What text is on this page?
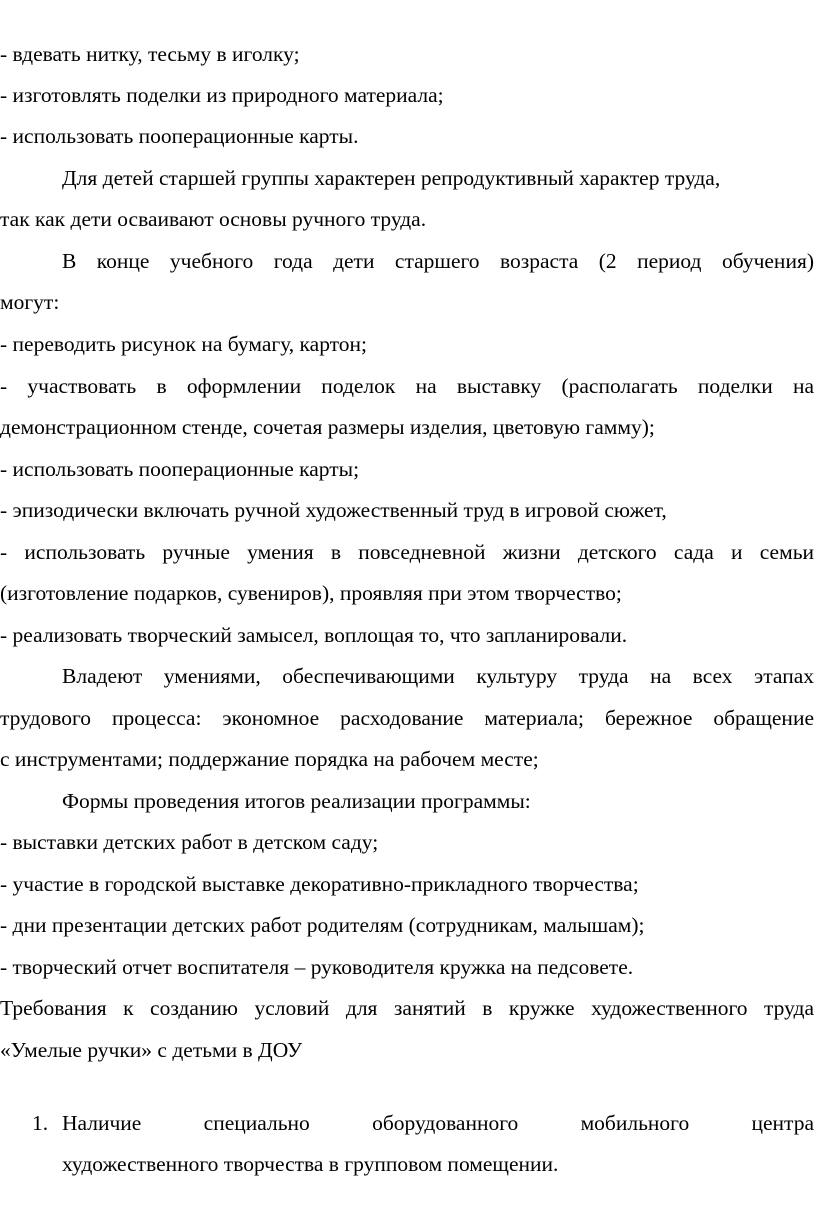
- вдевать нитку, тесьму в иголку;
- изготовлять поделки из природного материала;
- использовать пооперационные карты.
Для детей старшей группы характерен репродуктивный характер труда,
так как дети осваивают основы ручного труда.
В конце учебного года дети старшего возраста (2 период обучения)
могут:
- переводить рисунок на бумагу, картон;
- участвовать в оформлении поделок на выставку (располагать поделки на
демонстрационном стенде, сочетая размеры изделия, цветовую гамму);
- использовать пооперационные карты;
- эпизодически включать ручной художественный труд в игровой сюжет,
- использовать ручные умения в повседневной жизни детского сада и семьи
(изготовление подарков, сувениров), проявляя при этом творчество;
- реализовать творческий замысел, воплощая то, что запланировали.
Владеют умениями, обеспечивающими культуру труда на всех этапах
трудового процесса: экономное расходование материала; бережное обращение
с инструментами; поддержание порядка на рабочем месте;
Формы проведения итогов реализации программы:
- выставки детских работ в детском саду;
- участие в городской выставке декоративно-прикладного творчества;
- дни презентации детских работ родителям (сотрудникам, малышам);
- творческий отчет воспитателя – руководителя кружка на педсовете.
Требования к созданию условий для занятий в кружке художественного труда
«Умелые ручки» с детьми в ДОУ
1. Наличие специально оборудованного мобильного центра
художественного творчества в групповом помещении.
